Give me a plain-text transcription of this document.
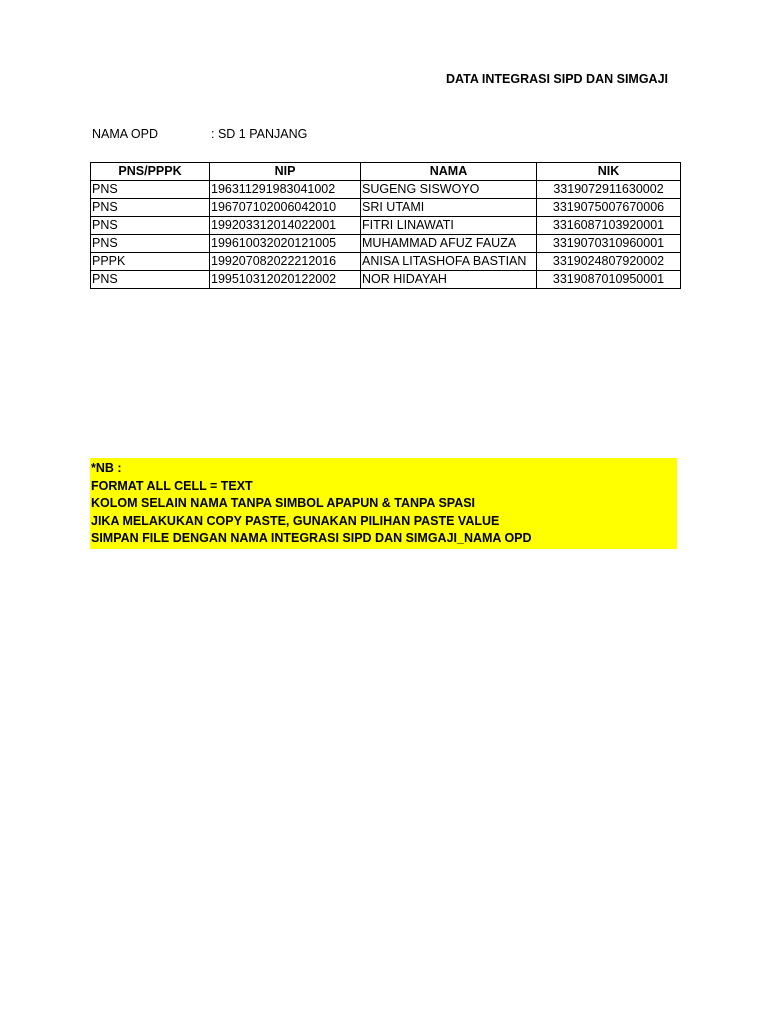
DATA INTEGRASI SIPD DAN SIMGAJI
NAMA OPD	: SD 1 PANJANG
PNS/PPPK	NIP	NAMA	NIK
PNS	196311291983041002	SUGENG SISWOYO	3319072911630002
PNS	196707102006042010	SRI UTAMI	3319075007670006
PNS	199203312014022001	FITRI LINAWATI	3316087103920001
PNS	199610032020121005	MUHAMMAD AFUZ FAUZA	3319070310960001
PPPK	199207082022212016	ANISA LITASHOFA BASTIAN	3319024807920002
PNS	199510312020122002	NOR HIDAYAH	3319087010950001
*NB :
FORMAT ALL CELL = TEXT
KOLOM SELAIN NAMA TANPA SIMBOL APAPUN & TANPA SPASI
JIKA MELAKUKAN COPY PASTE, GUNAKAN PILIHAN PASTE VALUE
SIMPAN FILE DENGAN NAMA INTEGRASI SIPD DAN SIMGAJI_NAMA OPD
